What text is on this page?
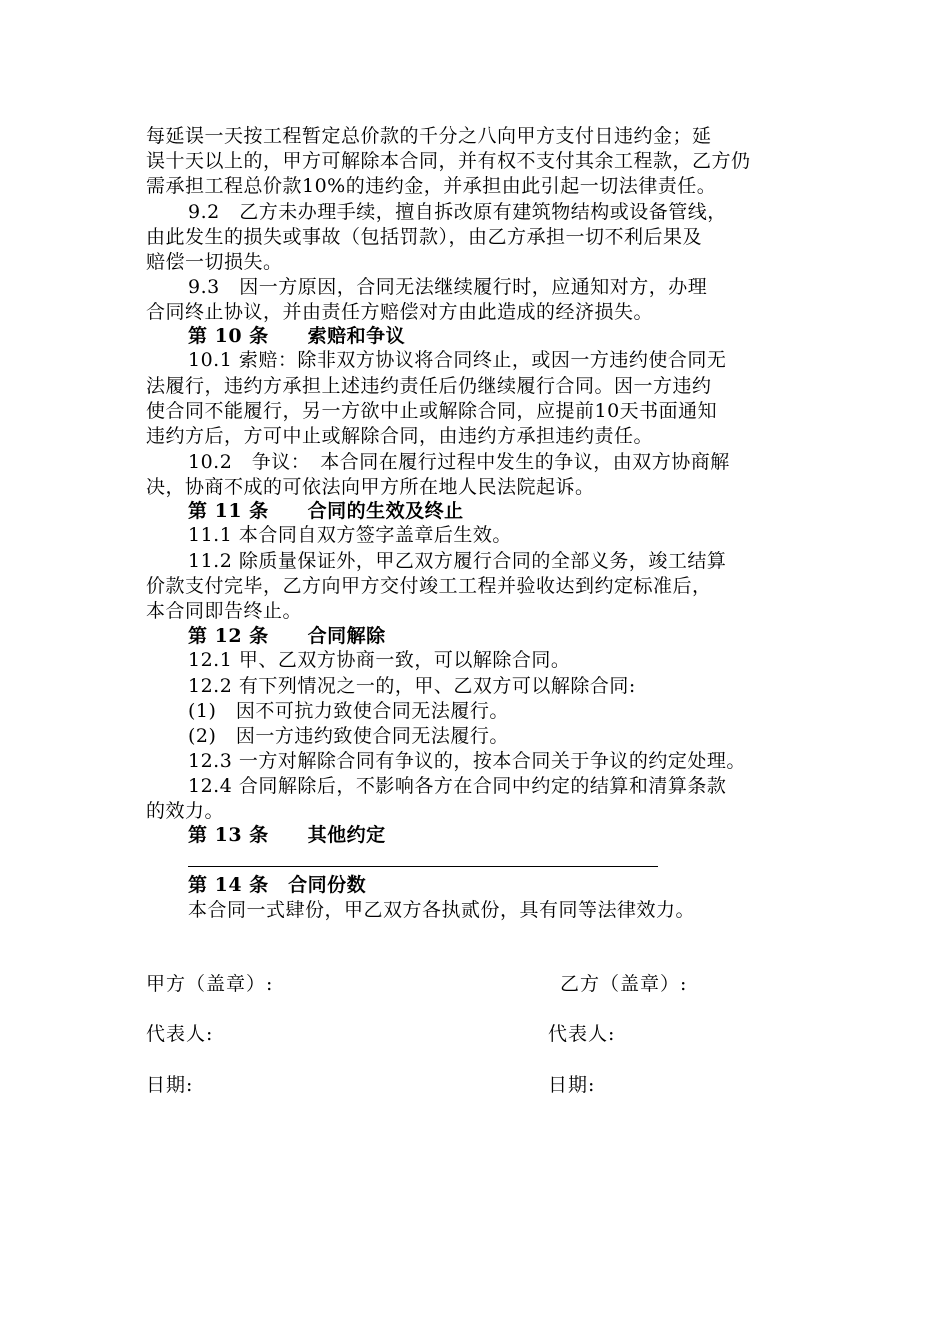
每延误一天按工程暂定总价款的千分之八向甲方支付日违约金；延
误十天以上的，甲方可解除本合同，并有权不支付其余工程款，乙方仍
需承担工程总价款10%的违约金，并承担由此引起一切法律责任。
9.2　乙方未办理手续，擅自拆改原有建筑物结构或设备管线，
由此发生的损失或事故（包括罚款），由乙方承担一切不利后果及
赔偿一切损失。
9.3　因一方原因，合同无法继续履行时，应通知对方，办理
合同终止协议，并由责任方赔偿对方由此造成的经济损失。
第 10 条　　索赔和争议
10.1 索赔：除非双方协议将合同终止，或因一方违约使合同无
法履行，违约方承担上述违约责任后仍继续履行合同。因一方违约
使合同不能履行，另一方欲中止或解除合同，应提前10天书面通知
违约方后，方可中止或解除合同，由违约方承担违约责任。
10.2　争议：　本合同在履行过程中发生的争议，由双方协商解
决，协商不成的可依法向甲方所在地人民法院起诉。
第 11 条　　合同的生效及终止
11.1 本合同自双方签字盖章后生效。
11.2 除质量保证外，甲乙双方履行合同的全部义务，竣工结算
价款支付完毕，乙方向甲方交付竣工工程并验收达到约定标准后，
本合同即告终止。
第 12 条　　合同解除
12.1 甲、乙双方协商一致，可以解除合同。
12.2 有下列情况之一的，甲、乙双方可以解除合同:
(1)　因不可抗力致使合同无法履行。
(2)　因一方违约致使合同无法履行。
12.3 一方对解除合同有争议的，按本合同关于争议的约定处理。
12.4 合同解除后，不影响各方在合同中约定的结算和清算条款
的效力。
第 13 条　　其他约定
第 14 条　合同份数
本合同一式肆份，甲乙双方各执贰份，具有同等法律效力。
甲方（盖章）:	乙方（盖章）:
代表人:	代表人:
日期:	日期:
